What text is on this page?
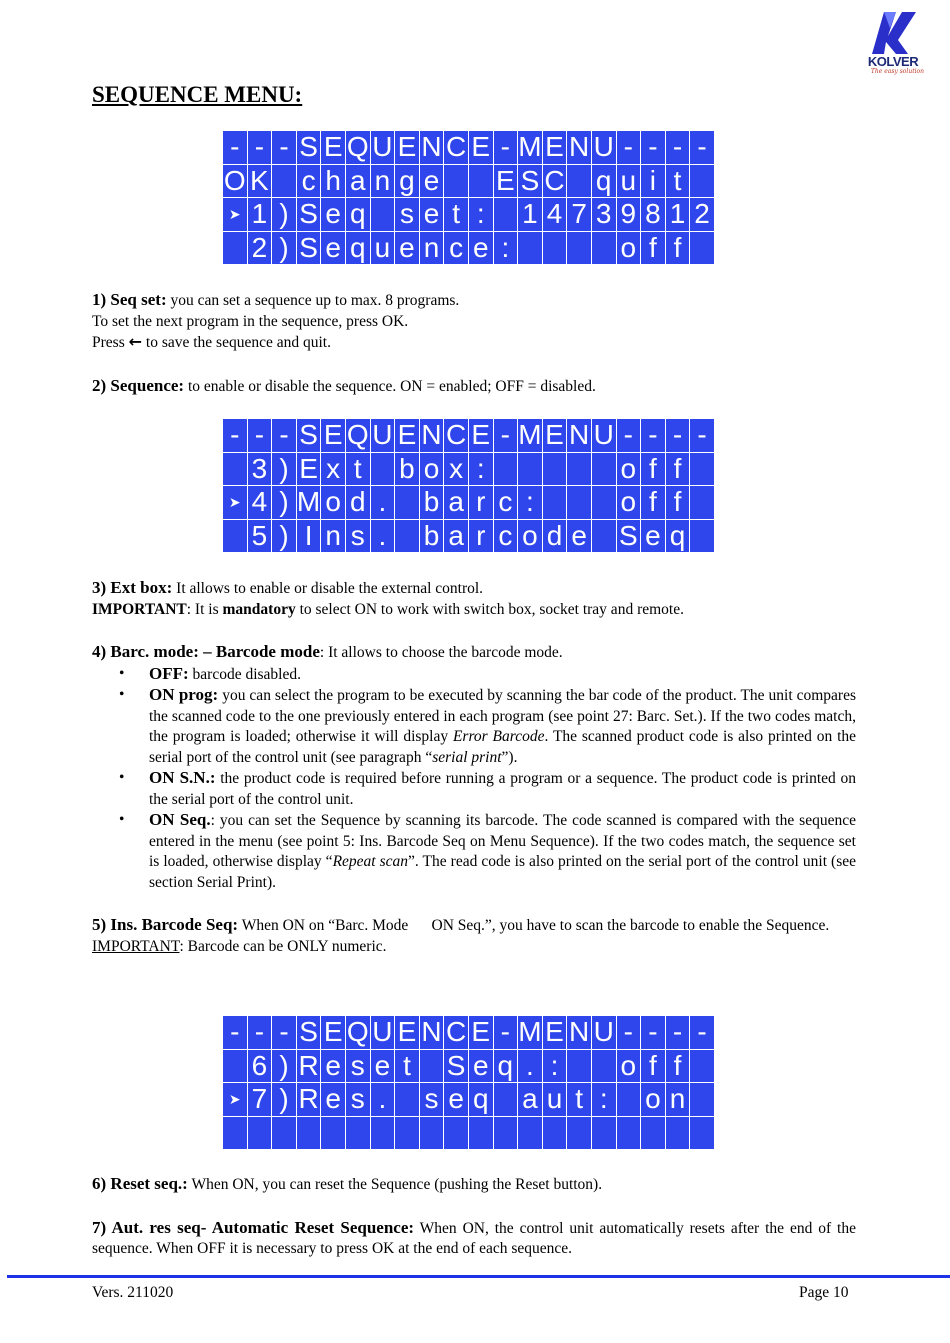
KOLVER
The easy solution
SEQUENCE MENU:
-	-	-	S	E	Q	U	E	N	C	E	-	M	E	N	U	-	-	-	-
O	K		c	h	a	n	g	e			E	S	C		q	u	i	t	
➤	1	)	S	e	q		s	e	t	:		1	4	7	3	9	8	1	2
	2	)	S	e	q	u	e	n	c	e	:					o	f	f	

1) Seq set: you can set a sequence up to max. 8 programs.

To set the next program in the sequence, press OK.

Press ← to save the sequence and quit.

2) Sequence: to enable or disable the sequence. ON = enabled; OFF = disabled.

-	-	-	S	E	Q	U	E	N	C	E	-	M	E	N	U	-	-	-	-
	3	)	E	x	t		b	o	x	:						o	f	f	
➤	4	)	M	o	d	.		b	a	r	c	:				o	f	f	
	5	)	I	n	s	.		b	a	r	c	o	d	e		S	e	q	

3) Ext box: It allows to enable or disable the external control.

IMPORTANT: It is mandatory to select ON to work with switch box, socket tray and remote.

4) Barc. mode: – Barcode mode: It allows to choose the barcode mode.

• OFF: barcode disabled.
• ON prog: you can select the program to be executed by scanning the bar code of the product. The unit compares the scanned code to the one previously entered in each program (see point 27: Barc. Set.). If the two codes match, the program is loaded; otherwise it will display Error Barcode. The scanned product code is also printed on the serial port of the control unit (see paragraph “serial print”).
• ON S.N.: the product code is required before running a program or a sequence. The product code is printed on the serial port of the control unit.
• ON Seq.: you can set the Sequence by scanning its barcode. The code scanned is compared with the sequence entered in the menu (see point 5: Ins. Barcode Seq on Menu Sequence). If the two codes match, the sequence set is loaded, otherwise display “Repeat scan”. The read code is also printed on the serial port of the control unit (see section Serial Print).

5) Ins. Barcode Seq: When ON on “Barc. Mode      ON Seq.”, you have to scan the barcode to enable the Sequence.

IMPORTANT: Barcode can be ONLY numeric.

-	-	-	S	E	Q	U	E	N	C	E	-	M	E	N	U	-	-	-	-
	6	)	R	e	s	e	t		S	e	q	.	:			o	f	f	
➤	7	)	R	e	s	.		s	e	q		a	u	t	:		o	n	

6) Reset seq.: When ON, you can reset the Sequence (pushing the Reset button).

7) Aut. res seq- Automatic Reset Sequence: When ON, the control unit automatically resets after the end of the sequence. When OFF it is necessary to press OK at the end of each sequence.

Vers. 211020	Page 10
